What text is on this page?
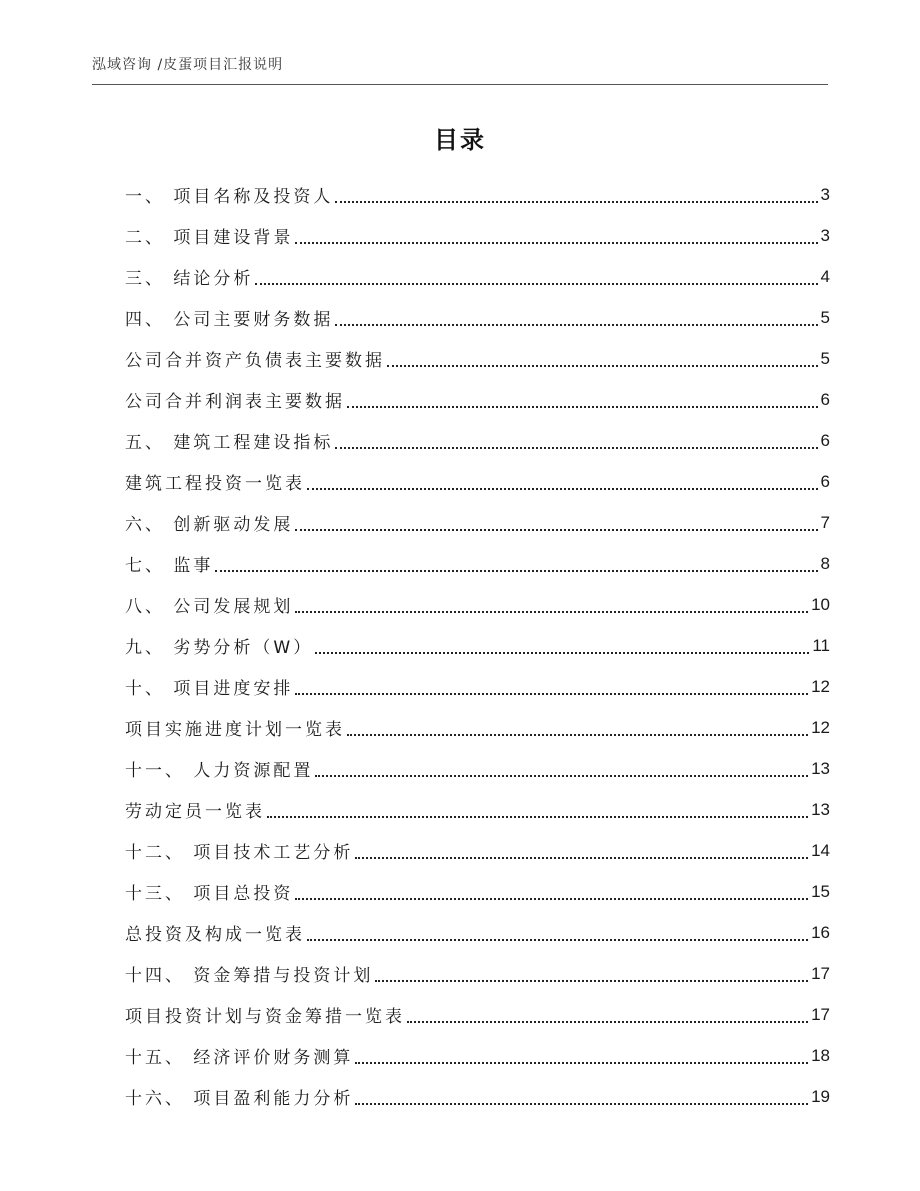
泓域咨询 /皮蛋项目汇报说明
目录
一、 项目名称及投资人	3
二、 项目建设背景	3
三、 结论分析	4
四、 公司主要财务数据	5
公司合并资产负债表主要数据	5
公司合并利润表主要数据	6
五、 建筑工程建设指标	6
建筑工程投资一览表	6
六、 创新驱动发展	7
七、 监事	8
八、 公司发展规划	10
九、 劣势分析（W）	11
十、 项目进度安排	12
项目实施进度计划一览表	12
十一、 人力资源配置	13
劳动定员一览表	13
十二、 项目技术工艺分析	14
十三、 项目总投资	15
总投资及构成一览表	16
十四、 资金筹措与投资计划	17
项目投资计划与资金筹措一览表	17
十五、 经济评价财务测算	18
十六、 项目盈利能力分析	19
